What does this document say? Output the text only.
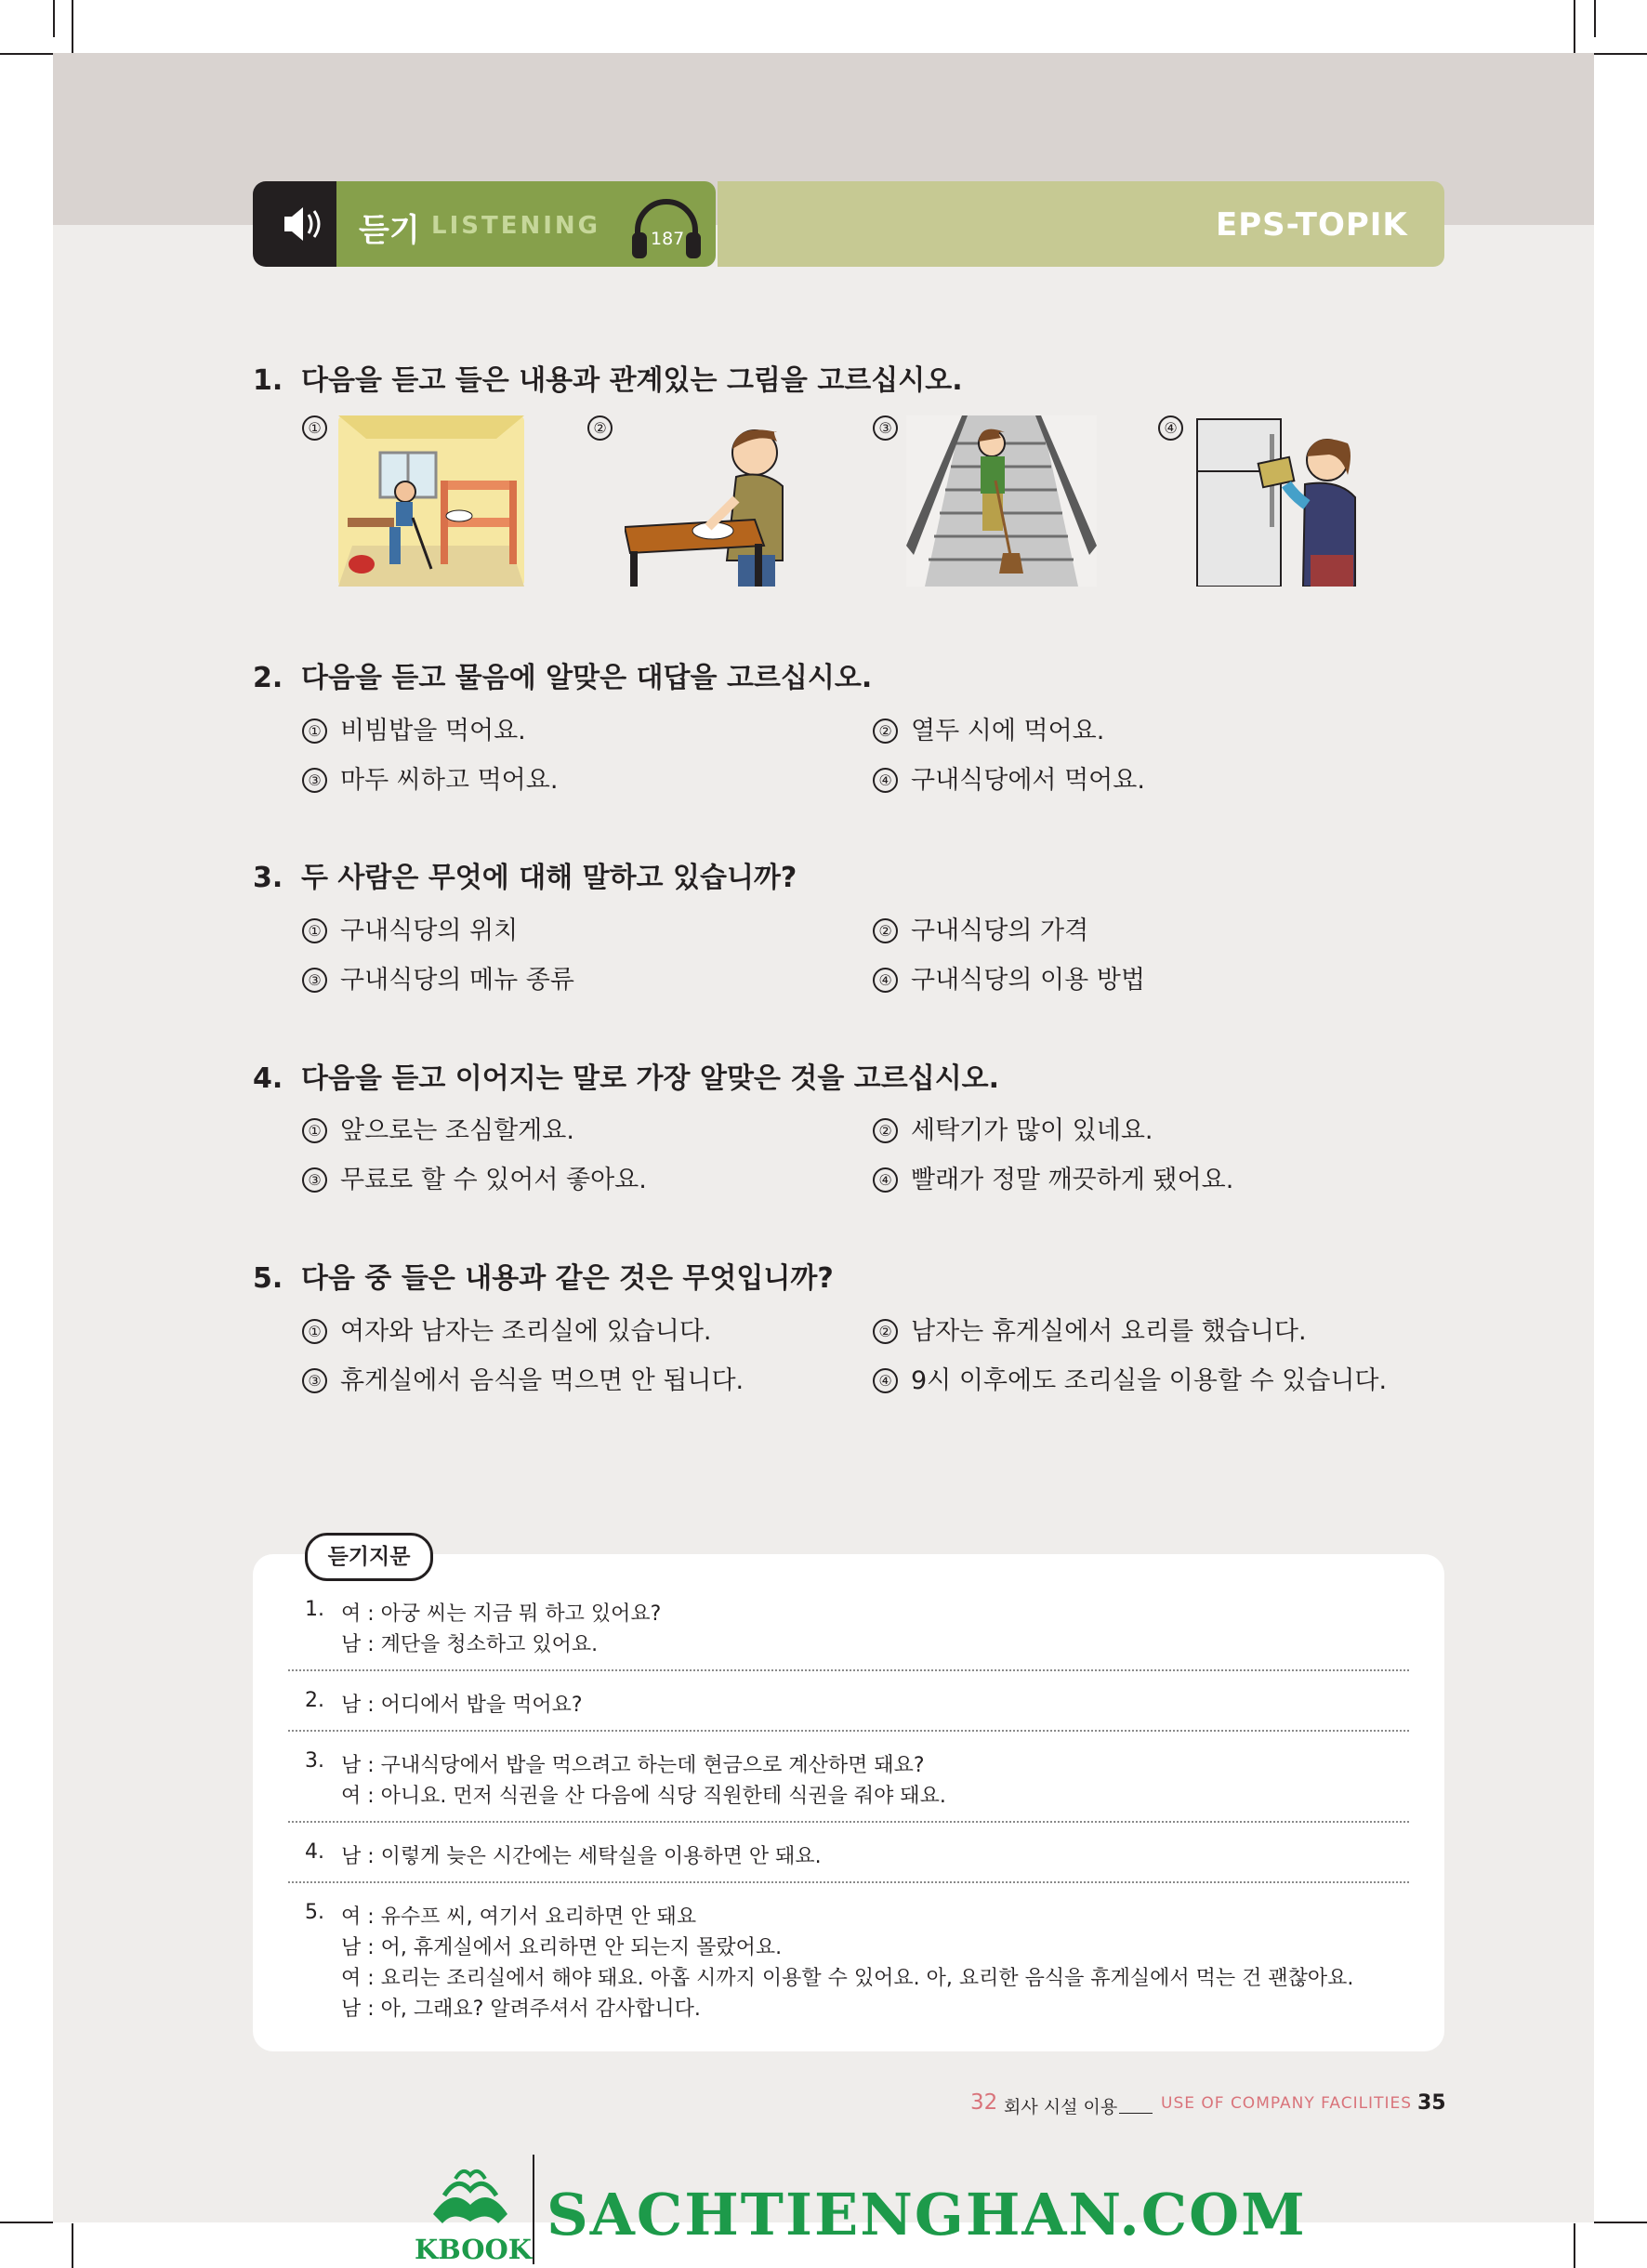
듣기 LISTENING	187	EPS-TOPIK
1. 다음을 듣고 들은 내용과 관계있는 그림을 고르십시오.
①	②	③	④
2. 다음을 듣고 물음에 알맞은 대답을 고르십시오.
① 비빔밥을 먹어요.	② 열두 시에 먹어요.
③ 마두 씨하고 먹어요.	④ 구내식당에서 먹어요.
3. 두 사람은 무엇에 대해 말하고 있습니까?
① 구내식당의 위치	② 구내식당의 가격
③ 구내식당의 메뉴 종류	④ 구내식당의 이용 방법
4. 다음을 듣고 이어지는 말로 가장 알맞은 것을 고르십시오.
① 앞으로는 조심할게요.	② 세탁기가 많이 있네요.
③ 무료로 할 수 있어서 좋아요.	④ 빨래가 정말 깨끗하게 됐어요.
5. 다음 중 들은 내용과 같은 것은 무엇입니까?
① 여자와 남자는 조리실에 있습니다.	② 남자는 휴게실에서 요리를 했습니다.
③ 휴게실에서 음식을 먹으면 안 됩니다.	④ 9시 이후에도 조리실을 이용할 수 있습니다.
듣기지문
1. 여 : 아궁 씨는 지금 뭐 하고 있어요?
남 : 계단을 청소하고 있어요.
2. 남 : 어디에서 밥을 먹어요?
3. 남 : 구내식당에서 밥을 먹으려고 하는데 현금으로 계산하면 돼요?
여 : 아니요. 먼저 식권을 산 다음에 식당 직원한테 식권을 줘야 돼요.
4. 남 : 이렇게 늦은 시간에는 세탁실을 이용하면 안 돼요.
5. 여 : 유수프 씨, 여기서 요리하면 안 돼요
남 : 어, 휴게실에서 요리하면 안 되는지 몰랐어요.
여 : 요리는 조리실에서 해야 돼요. 아홉 시까지 이용할 수 있어요. 아, 요리한 음식을 휴게실에서 먹는 건 괜찮아요.
남 : 아, 그래요? 알려주셔서 감사합니다.
32 회사 시설 이용	USE OF COMPANY FACILITIES 35
KBOOK
SACHTIENGHAN.COM
